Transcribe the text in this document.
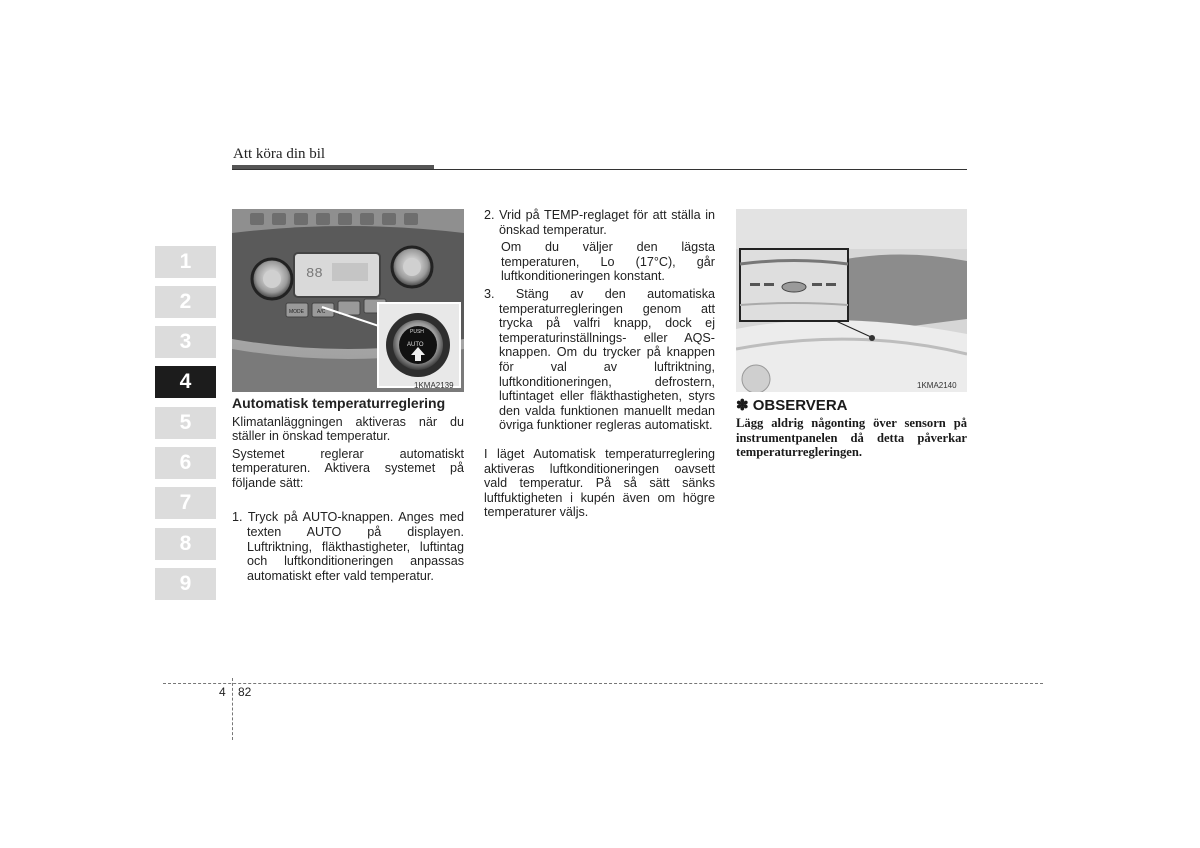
Att köra din bil
1
2
3
4
5
6
7
8
9
88
MODE	A/C
PUSH
AUTO
1KMA2139

Automatisk temperaturreglering

Klimatanläggningen aktiveras när du ställer in önskad temperatur.

Systemet reglerar automatiskt temperaturen. Aktivera systemet på följande sätt:

1. Tryck på AUTO-knappen. Anges med texten AUTO på displayen. Luftriktning, fläkthastigheter, luftintag och luftkonditioneringen anpassas automatiskt efter vald temperatur.

2. Vrid på TEMP-reglaget för att ställa in önskad temperatur.

Om du väljer den lägsta temperaturen, Lo (17°C), går luftkonditioneringen konstant.

3. Stäng av den automatiska temperaturregleringen genom att trycka på valfri knapp, dock ej temperaturinställnings- eller AQS-knappen. Om du trycker på knappen för val av luftriktning, luftkonditioneringen, defrostern, luftintaget eller fläkthastigheten, styrs den valda funktionen manuellt medan övriga funktioner regleras automatiskt.

I läget Automatisk temperaturreglering aktiveras luftkonditioneringen oavsett vald temperatur. På så sätt sänks luftfuktigheten i kupén även om högre temperaturer väljs.

1KMA2140
✽ OBSERVERA
Lägg aldrig någonting över sensorn på instrumentpanelen då detta påverkar temperaturregleringen.
4 82
